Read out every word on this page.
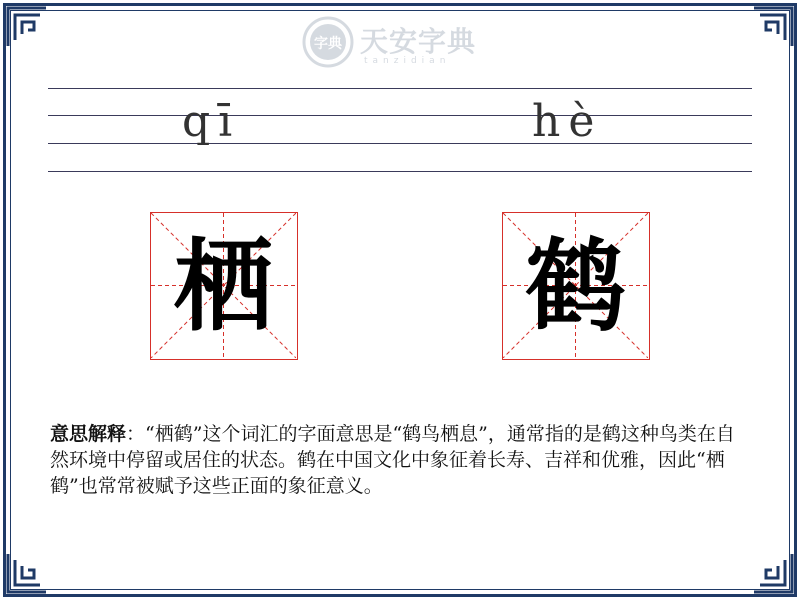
字典 天安字典
tanzidian
qī	hè
栖	鹤
意思解释：“栖鹤”这个词汇的字面意思是“鹤鸟栖息”，通常指的是鹤这种鸟类在自然环境中停留或居住的状态。鹤在中国文化中象征着长寿、吉祥和优雅，因此“栖鹤”也常常被赋予这些正面的象征意义。
